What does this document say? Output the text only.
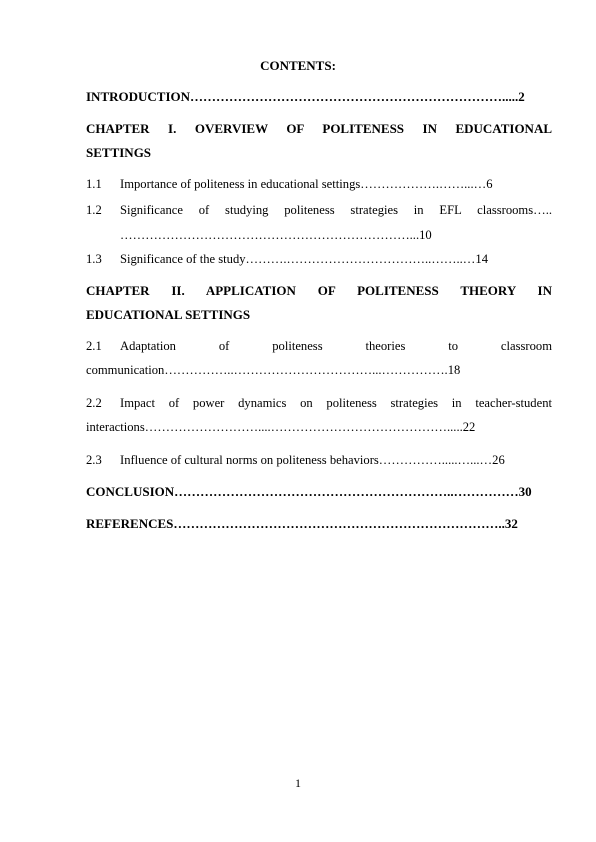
CONTENTS:
INTRODUCTION……………………………………………………………….....2
CHAPTER I. OVERVIEW OF POLITENESS IN EDUCATIONAL
SETTINGS
1.1	Importance of politeness in educational settings……………….……...…6
1.2	Significance of studying politeness strategies in EFL classrooms…..
……………………………………………………………...10
1.3	Significance of the study……….……………………………..……..…14
CHAPTER II. APPLICATION OF POLITENESS THEORY IN
EDUCATIONAL SETTINGS
2.1	Adaptation of politeness theories to classroom
communication……………..……………………………...…………….18
2.2	Impact of power dynamics on politeness strategies in teacher-student
interactions………………………....…………………………………….....22
2.3	Influence of cultural norms on politeness behaviors…………….....…...…26
CONCLUSION………………………………………………………..……………30
REFERENCES…………………………………………………………………..32
1
